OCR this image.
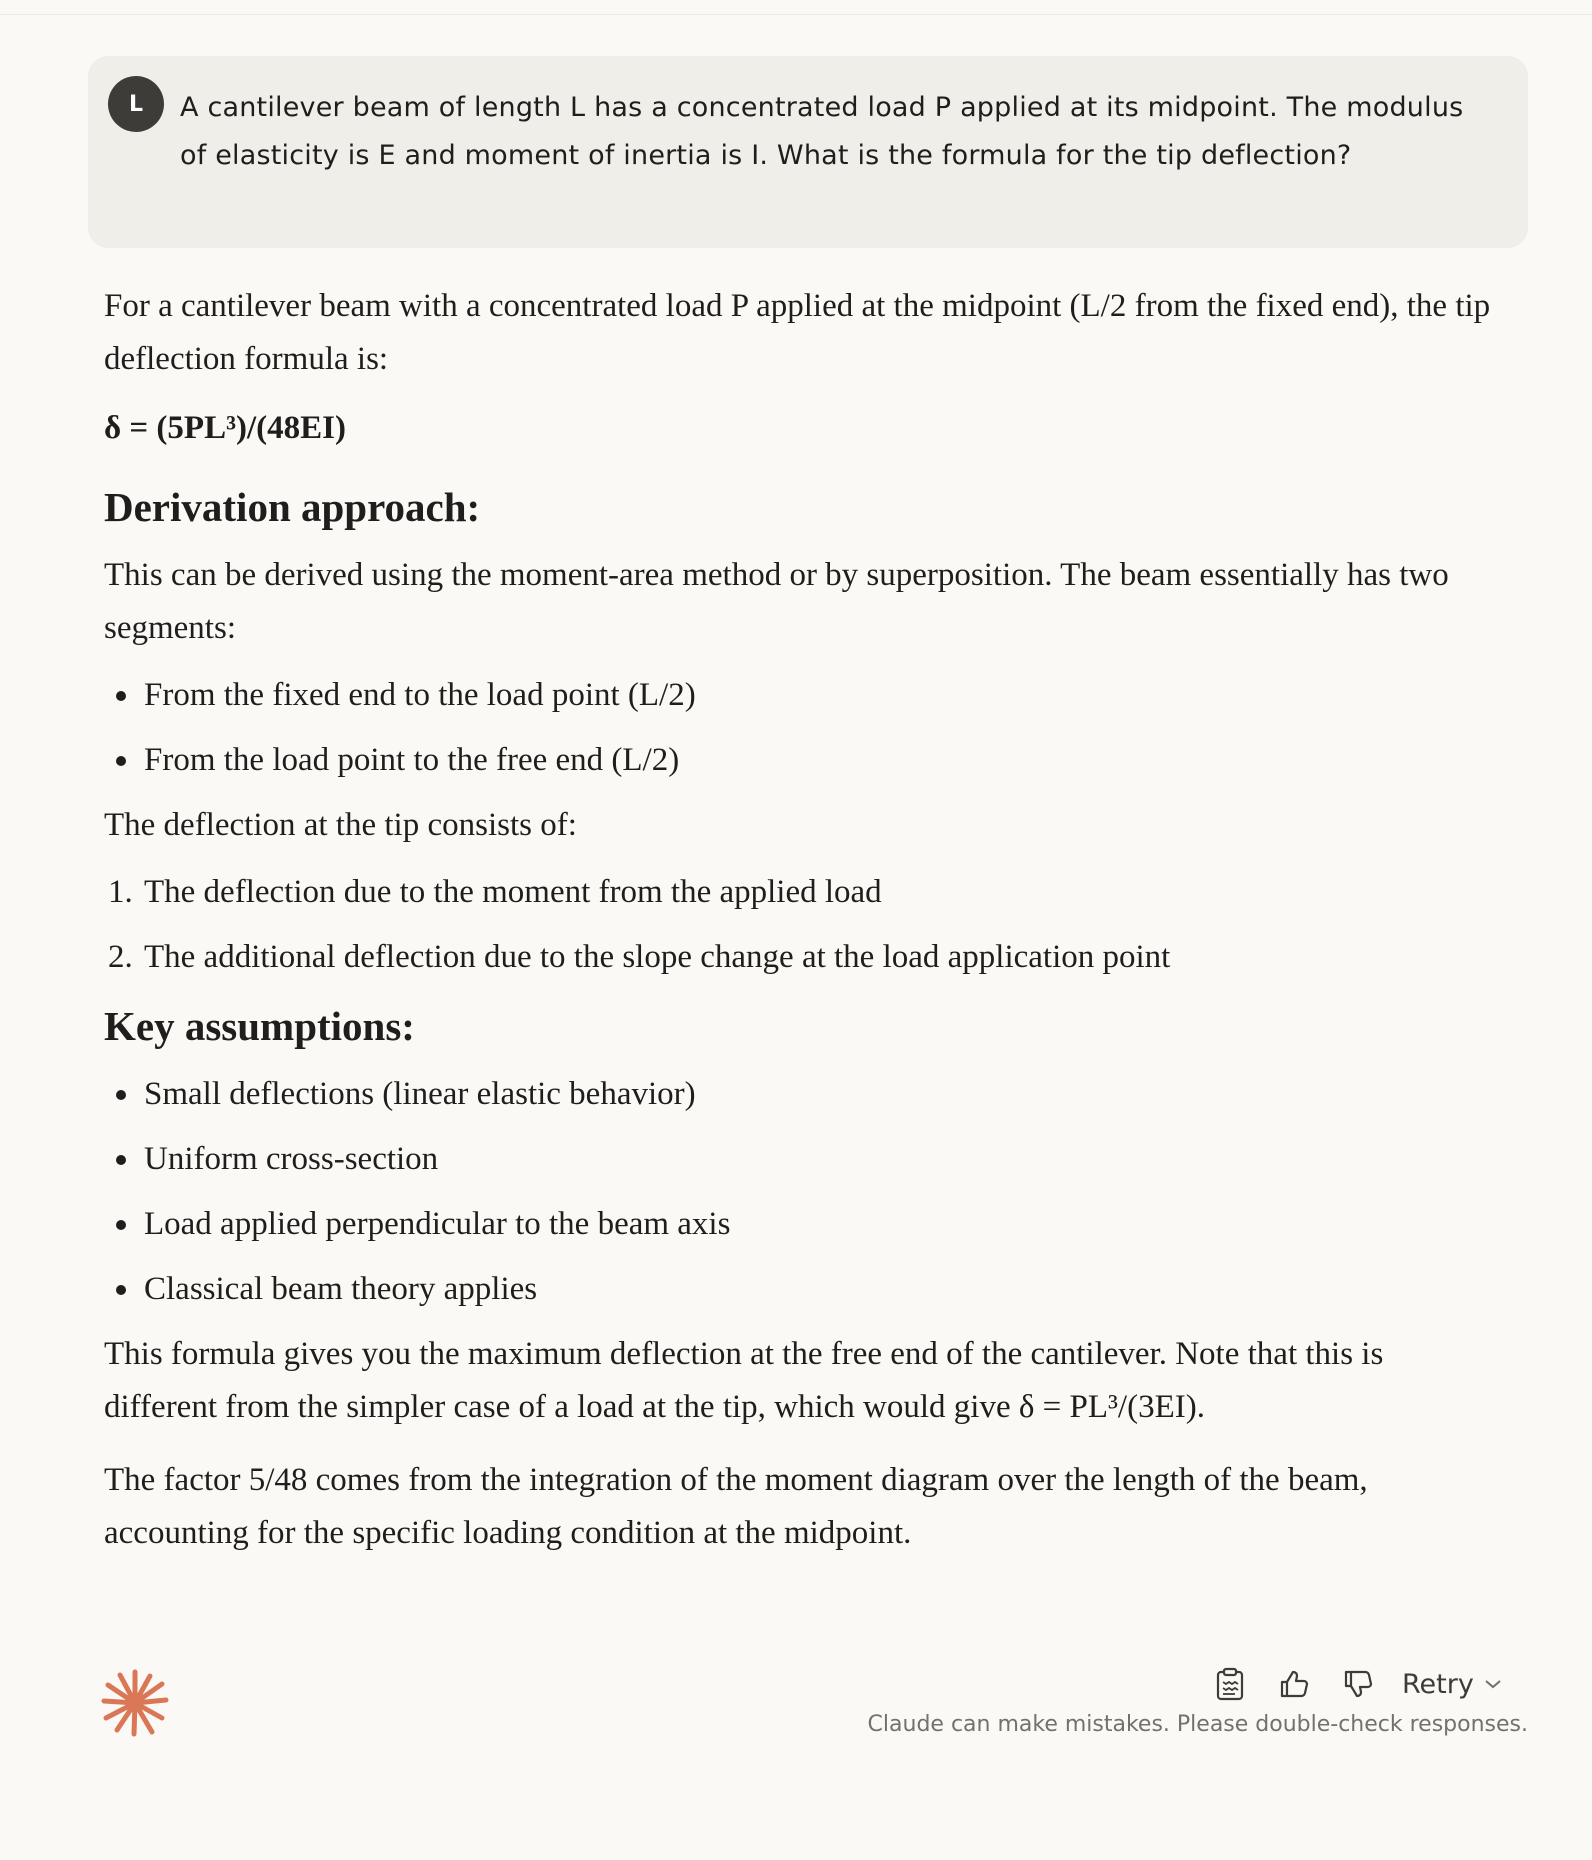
L	A cantilever beam of length L has a concentrated load P applied at its midpoint. The modulus of elasticity is E and moment of inertia is I. What is the formula for the tip deflection?

For a cantilever beam with a concentrated load P applied at the midpoint (L/2 from the fixed end), the tip deflection formula is:

δ = (5PL³)/(48EI)

Derivation approach:

This can be derived using the moment-area method or by superposition. The beam essentially has two segments:

From the fixed end to the load point (L/2)
From the load point to the free end (L/2)

The deflection at the tip consists of:

1. The deflection due to the moment from the applied load
2. The additional deflection due to the slope change at the load application point
Key assumptions:
Small deflections (linear elastic behavior)
Uniform cross-section
Load applied perpendicular to the beam axis
Classical beam theory applies

This formula gives you the maximum deflection at the free end of the cantilever. Note that this is different from the simpler case of a load at the tip, which would give δ = PL³/(3EI).

The factor 5/48 comes from the integration of the moment diagram over the length of the beam, accounting for the specific loading condition at the midpoint.

Retry
Claude can make mistakes. Please double-check responses.
